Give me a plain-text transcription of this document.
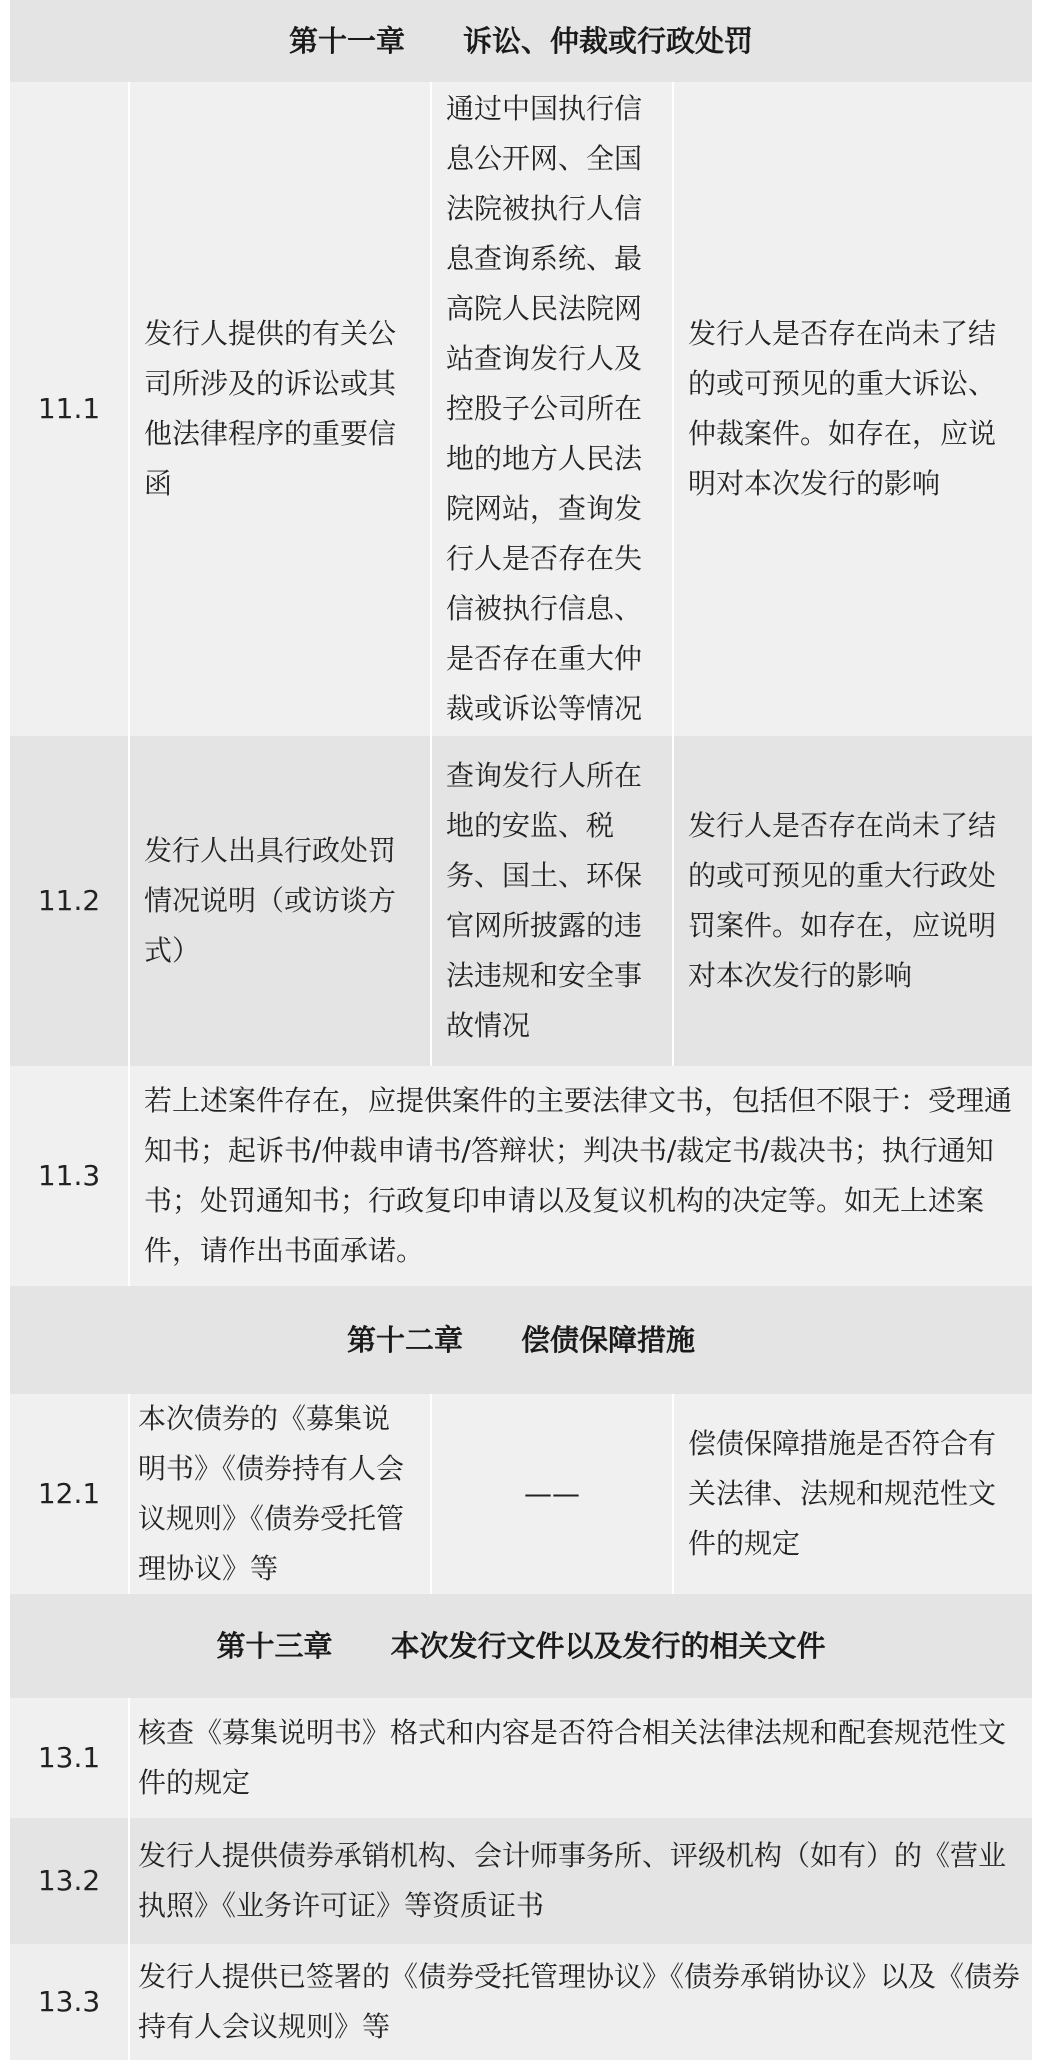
第十一章　　诉讼、仲裁或行政处罚			
11.1	发行人提供的有关公司所涉及的诉讼或其他法律程序的重要信函	通过中国执行信息公开网、全国法院被执行人信息查询系统、最高院人民法院网站查询发行人及控股子公司所在地的地方人民法院网站，查询发行人是否存在失信被执行信息、是否存在重大仲裁或诉讼等情况	发行人是否存在尚未了结的或可预见的重大诉讼、仲裁案件。如存在，应说明对本次发行的影响
11.2	发行人出具行政处罚情况说明（或访谈方式）	查询发行人所在地的安监、税务、国土、环保官网所披露的违法违规和安全事故情况	发行人是否存在尚未了结的或可预见的重大行政处罚案件。如存在，应说明对本次发行的影响
11.3	若上述案件存在，应提供案件的主要法律文书，包括但不限于：受理通知书；起诉书/仲裁申请书/答辩状；判决书/裁定书/裁决书；执行通知书；处罚通知书；行政复印申请以及复议机构的决定等。如无上述案件，请作出书面承诺。		
第十二章　　偿债保障措施			
12.1	本次债券的《募集说明书》《债券持有人会议规则》《债券受托管理协议》等	——	偿债保障措施是否符合有关法律、法规和规范性文件的规定
第十三章　　本次发行文件以及发行的相关文件			
13.1	核查《募集说明书》格式和内容是否符合相关法律法规和配套规范性文件的规定		
13.2	发行人提供债券承销机构、会计师事务所、评级机构（如有）的《营业执照》《业务许可证》等资质证书		
13.3	发行人提供已签署的《债券受托管理协议》《债券承销协议》以及《债券持有人会议规则》等		
